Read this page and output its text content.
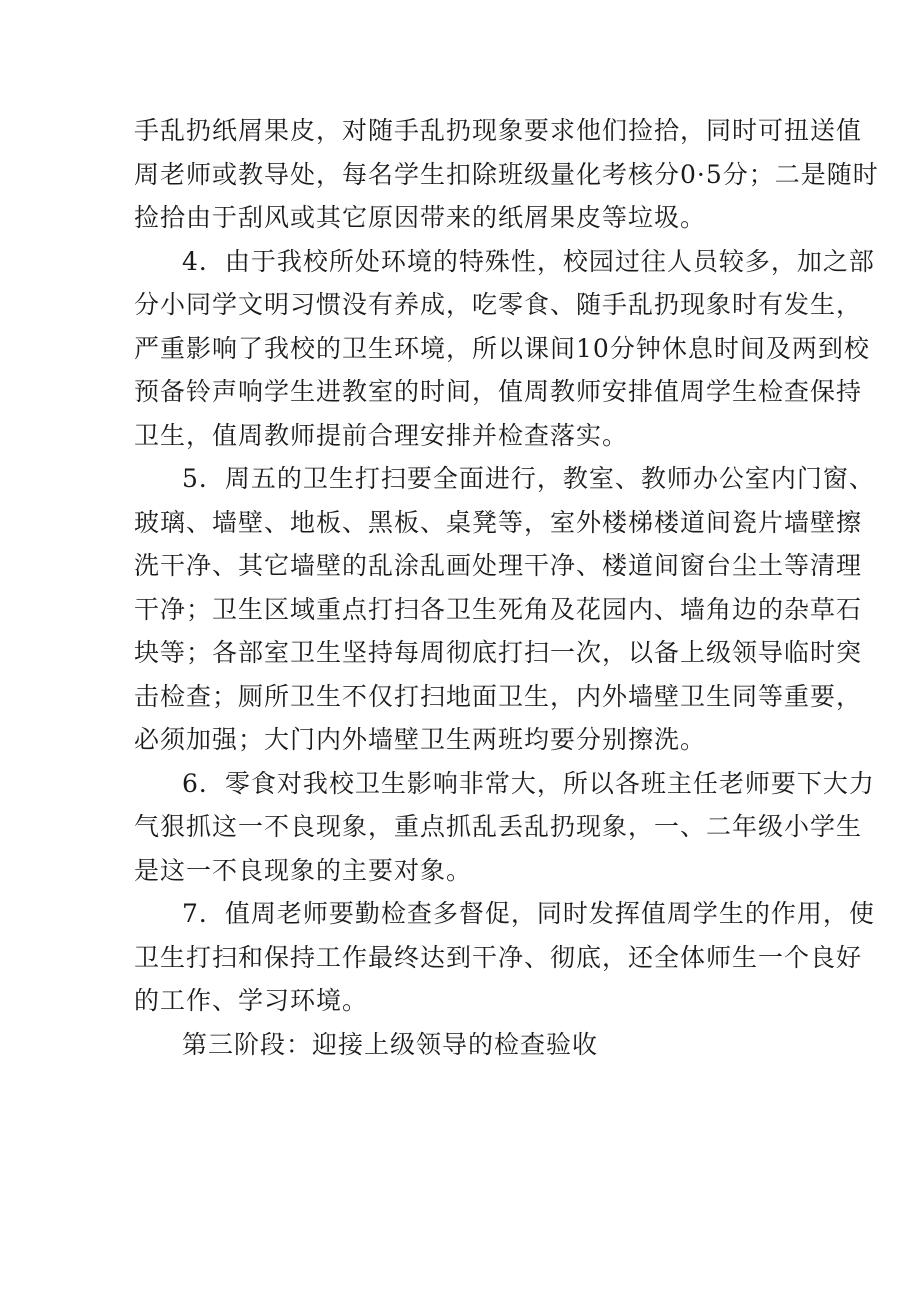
手乱扔纸屑果皮，对随手乱扔现象要求他们捡拾，同时可扭送值
周老师或教导处，每名学生扣除班级量化考核分0·5分；二是随时
捡拾由于刮风或其它原因带来的纸屑果皮等垃圾。
4．由于我校所处环境的特殊性，校园过往人员较多，加之部
分小同学文明习惯没有养成，吃零食、随手乱扔现象时有发生，
严重影响了我校的卫生环境，所以课间10分钟休息时间及两到校
预备铃声响学生进教室的时间，值周教师安排值周学生检查保持
卫生，值周教师提前合理安排并检查落实。
5．周五的卫生打扫要全面进行，教室、教师办公室内门窗、
玻璃、墙壁、地板、黑板、桌凳等，室外楼梯楼道间瓷片墙壁擦
洗干净、其它墙壁的乱涂乱画处理干净、楼道间窗台尘土等清理
干净；卫生区域重点打扫各卫生死角及花园内、墙角边的杂草石
块等；各部室卫生坚持每周彻底打扫一次，以备上级领导临时突
击检查；厕所卫生不仅打扫地面卫生，内外墙壁卫生同等重要，
必须加强；大门内外墙壁卫生两班均要分别擦洗。
6．零食对我校卫生影响非常大，所以各班主任老师要下大力
气狠抓这一不良现象，重点抓乱丢乱扔现象，一、二年级小学生
是这一不良现象的主要对象。
7．值周老师要勤检查多督促，同时发挥值周学生的作用，使
卫生打扫和保持工作最终达到干净、彻底，还全体师生一个良好
的工作、学习环境。
第三阶段：迎接上级领导的检查验收
